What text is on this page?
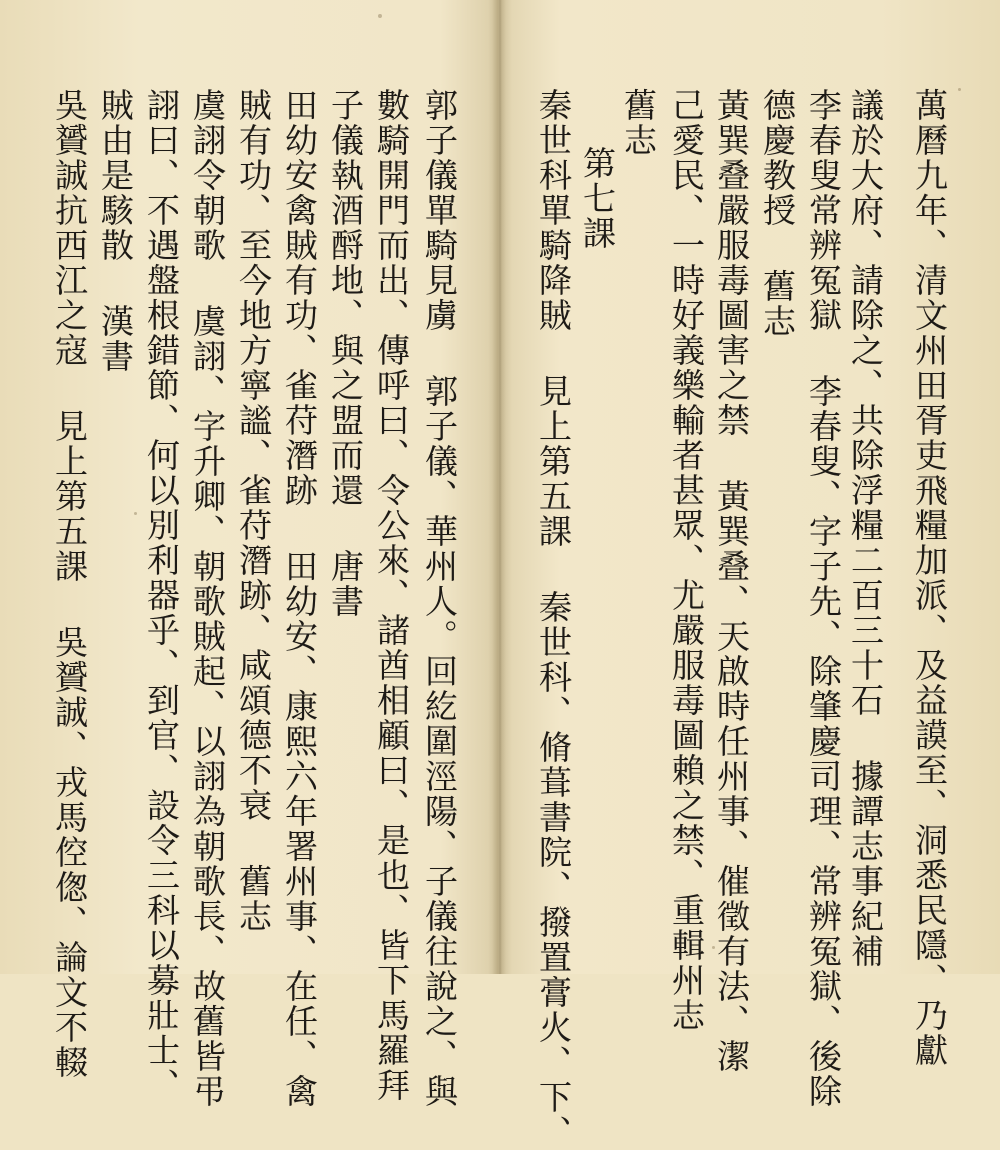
萬曆九年、清文州田胥吏飛糧加派、及益謨至、洞悉民隱、乃獻
議於大府、請除之、共除浮糧二百三十石 據譚志事紀補
李春叟常辨冤獄 李春叟、字子先、除肇慶司理、常辨冤獄、後除
德慶教授 舊志
黃巽叠嚴服毒圖害之禁 黃巽叠、天啟時任州事、催徵有法、潔
己愛民、一時好義樂輸者甚眾、尤嚴服毒圖賴之禁、重輯州志
舊志
第七課
秦世科單騎降賊 見上第五課 秦世科、脩葺書院、撥置膏火、下、
郭子儀單騎見虜 郭子儀、華州人。回紇圍涇陽、子儀往說之、與
數騎開門而出、傳呼曰、令公來、諸酋相顧曰、是也、皆下馬羅拜
子儀執酒酹地、與之盟而還 唐書
田幼安禽賊有功、雀苻潛跡 田幼安、康熙六年署州事、在任、禽
賊有功、至今地方寧謐、雀苻潛跡、咸頌德不衰 舊志
虞詡令朝歌 虞詡、字升卿、朝歌賊起、以詡為朝歌長、故舊皆弔
詡曰、不遇盤根錯節、何以別利器乎、到官、設令三科以募壯士、
賊由是駭散 漢書
吳贇誠抗西江之寇 見上第五課 吳贇誠、戎馬倥偬、論文不輟
